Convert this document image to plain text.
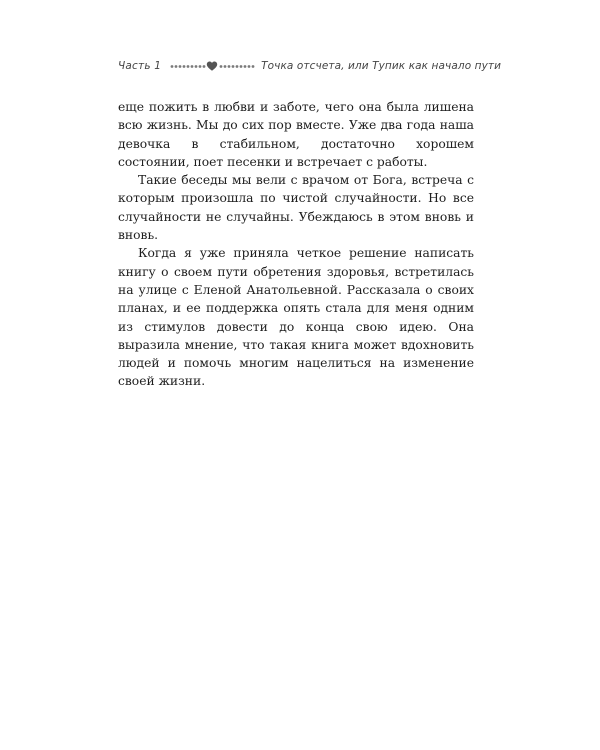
Часть 1	Точка отсчета, или Тупик как начало пути

еще пожить в любви и заботе, чего она была лишена всю жизнь. Мы до сих пор вместе. Уже два года наша девочка в стабильном, достаточно хорошем состоянии, поет песенки и встречает с работы.

Такие беседы мы вели с врачом от Бога, встреча с которым произошла по чистой случайности. Но все случайности не случайны. Убеждаюсь в этом вновь и вновь.

Когда я уже приняла четкое решение написать книгу о своем пути обретения здоровья, встретилась на улице с Еленой Анатольевной. Рассказала о своих планах, и ее поддержка опять стала для меня одним из стимулов довести до конца свою идею. Она выразила мнение, что такая книга может вдохновить людей и помочь многим нацелиться на изменение своей жизни.
